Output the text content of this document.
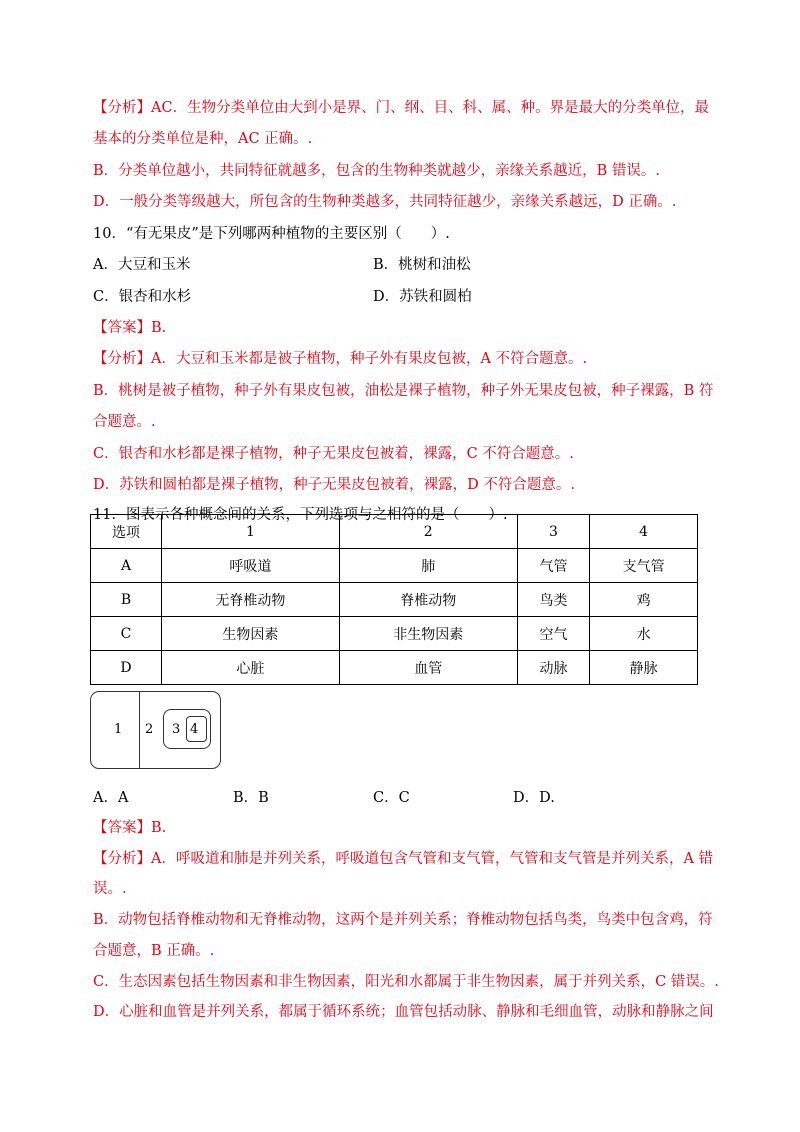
【分析】AC．生物分类单位由大到小是界、门、纲、目、科、属、种。界是最大的分类单位，最
基本的分类单位是种，AC 正确。.
B．分类单位越小，共同特征就越多，包含的生物种类就越少，亲缘关系越近，B 错误。.
D．一般分类等级越大，所包含的生物种类越多，共同特征越少，亲缘关系越远，D 正确。.
10．“有无果皮”是下列哪两种植物的主要区别（　　）.
A．大豆和玉米	B．桃树和油松
C．银杏和水杉	D．苏铁和圆柏
【答案】B.
【分析】A．大豆和玉米都是被子植物，种子外有果皮包被，A 不符合题意。.
B．桃树是被子植物，种子外有果皮包被，油松是裸子植物，种子外无果皮包被，种子裸露，B 符
合题意。.
C．银杏和水杉都是裸子植物，种子无果皮包被着，裸露，C 不符合题意。.
D．苏铁和圆柏都是裸子植物，种子无果皮包被着，裸露，D 不符合题意。.
11．图表示各种概念间的关系，下列选项与之相符的是（　　）.
选项	1	2	3	4
A	呼吸道	肺	气管	支气管
B	无脊椎动物	脊椎动物	鸟类	鸡
C	生物因素	非生物因素	空气	水
D	心脏	血管	动脉	静脉
1 2 3 4
A．A	B．B	C．C	D．D.
【答案】B.
【分析】A．呼吸道和肺是并列关系，呼吸道包含气管和支气管，气管和支气管是并列关系，A 错
误。.
B．动物包括脊椎动物和无脊椎动物，这两个是并列关系；脊椎动物包括鸟类，鸟类中包含鸡，符
合题意，B 正确。.
C．生态因素包括生物因素和非生物因素，阳光和水都属于非生物因素，属于并列关系，C 错误。.
D．心脏和血管是并列关系，都属于循环系统；血管包括动脉、静脉和毛细血管，动脉和静脉之间
